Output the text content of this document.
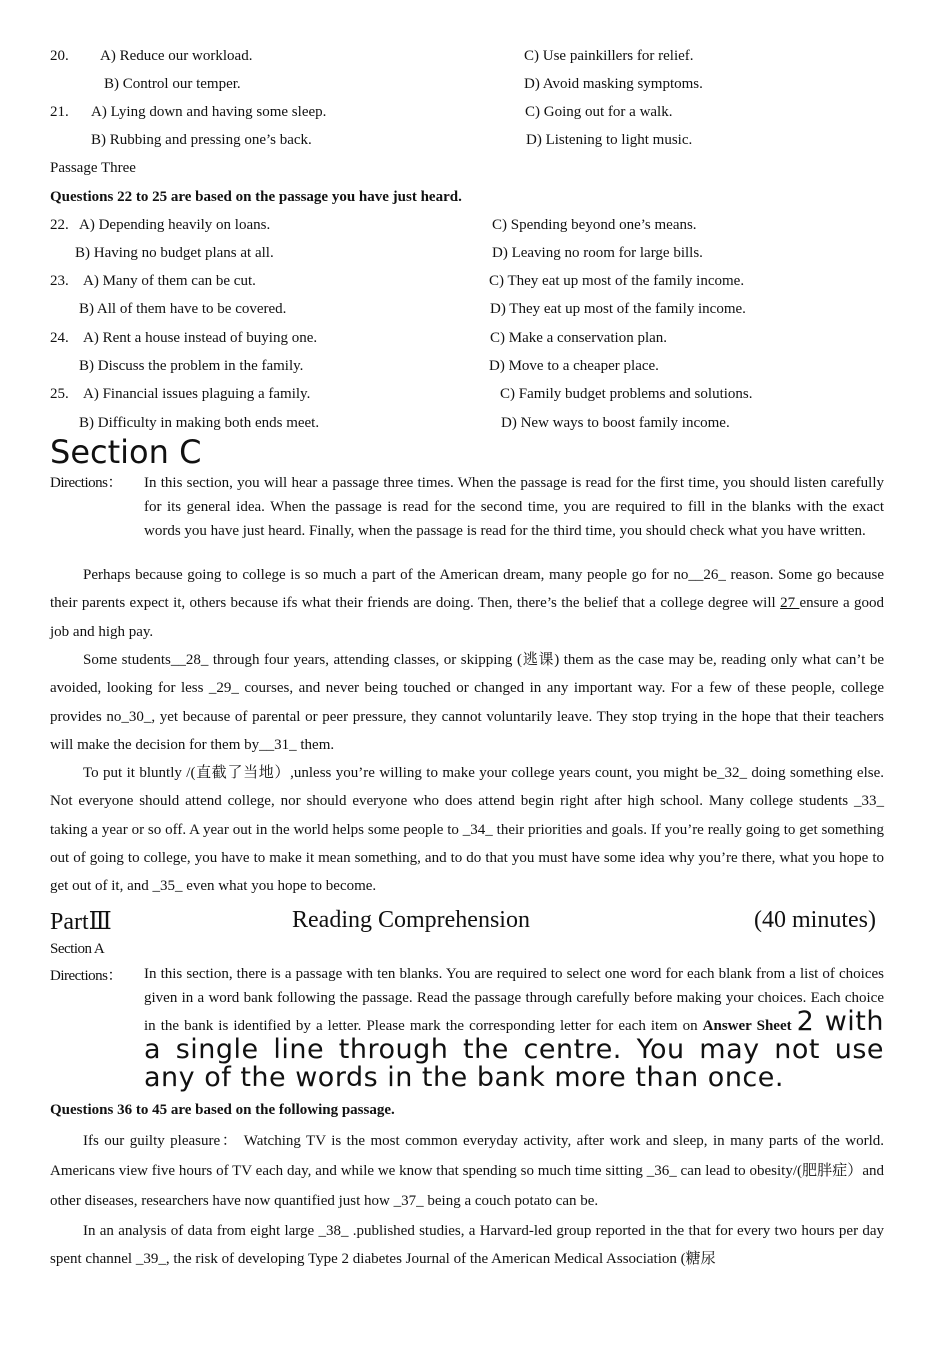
20. A) Reduce our workload.	C) Use painkillers for relief.
B) Control our temper.	D) Avoid masking symptoms.
21. A) Lying down and having some sleep.	C) Going out for a walk.
B) Rubbing and pressing one’s back.	D) Listening to light music.
Passage Three
Questions 22 to 25 are based on the passage you have just heard.
22. A) Depending heavily on loans.	C) Spending beyond one’s means.
B) Having no budget plans at all.	D) Leaving no room for large bills.
23. A) Many of them can be cut.	C) They eat up most of the family income.
B) All of them have to be covered.	D) They eat up most of the family income.
24. A) Rent a house instead of buying one.	C) Make a conservation plan.
B) Discuss the problem in the family.	D) Move to a cheaper place.
25. A) Financial issues plaguing a family.	C) Family budget problems and solutions.
B) Difficulty in making both ends meet.	D) New ways to boost family income.
Section C
Directions： In this section, you will hear a passage three times. When the passage is read for the first time, you should listen carefully for its general idea. When the passage is read for the second time, you are required to fill in the blanks with the exact words you have just heard. Finally, when the passage is read for the third time, you should check what you have written.
Perhaps because going to college is so much a part of the American dream, many people go for no__26_ reason. Some go because their parents expect it, others because ifs what their friends are doing. Then, there’s the belief that a college degree will 27 ensure a good job and high pay.
Some students__28_ through four years, attending classes, or skipping (逃课) them as the case may be, reading only what can’t be avoided, looking for less _29_ courses, and never being touched or changed in any important way. For a few of these people, college provides no_30_, yet because of parental or peer pressure, they cannot voluntarily leave. They stop trying in the hope that their teachers will make the decision for them by__31_ them.
To put it bluntly /(直截了当地）,unless you’re willing to make your college years count, you might be_32_ doing something else. Not everyone should attend college, nor should everyone who does attend begin right after high school. Many college students _33_ taking a year or so off. A year out in the world helps some people to _34_ their priorities and goals. If you’re really going to get something out of going to college, you have to make it mean something, and to do that you must have some idea why you’re there, what you hope to get out of it, and _35_ even what you hope to become.
PartⅢ	Reading Comprehension	(40 minutes)
Section A
Directions： In this section, there is a passage with ten blanks. You are required to select one word for each blank from a list of choices given in a word bank following the passage. Read the passage through carefully before making your choices. Each choice in the bank is identified by a letter. Please mark the corresponding letter for each item on Answer Sheet 2 with a single line through the centre. You may not use any of the words in the bank more than once.
Questions 36 to 45 are based on the following passage.
Ifs our guilty pleasure： Watching TV is the most common everyday activity, after work and sleep, in many parts of the world. Americans view five hours of TV each day, and while we know that spending so much time sitting _36_ can lead to obesity/(肥胖症）and other diseases, researchers have now quantified just how _37_ being a couch potato can be.
In an analysis of data from eight large _38_ .published studies, a Harvard-led group reported in the that for every two hours per day spent channel _39_, the risk of developing Type 2 diabetes Journal of the American Medical Association (糖尿
